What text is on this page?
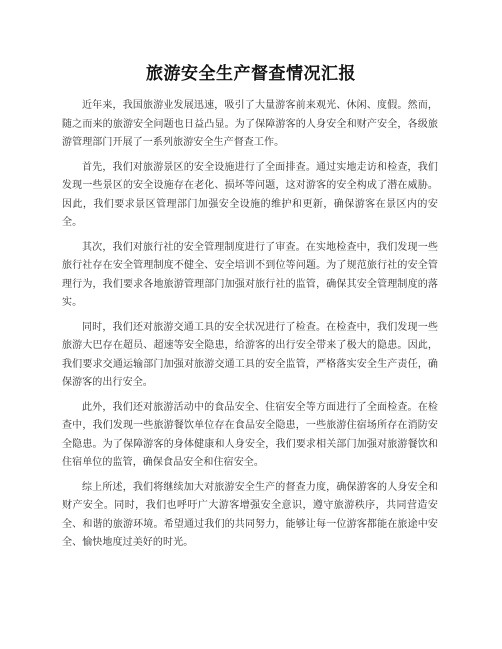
旅游安全生产督查情况汇报

近年来，我国旅游业发展迅速，吸引了大量游客前来观光、休闲、度假。然而，随之而来的旅游安全问题也日益凸显。为了保障游客的人身安全和财产安全，各级旅游管理部门开展了一系列旅游安全生产督查工作。

首先，我们对旅游景区的安全设施进行了全面排查。通过实地走访和检查，我们发现一些景区的安全设施存在老化、损坏等问题，这对游客的安全构成了潜在威胁。因此，我们要求景区管理部门加强安全设施的维护和更新，确保游客在景区内的安全。

其次，我们对旅行社的安全管理制度进行了审查。在实地检查中，我们发现一些旅行社存在安全管理制度不健全、安全培训不到位等问题。为了规范旅行社的安全管理行为，我们要求各地旅游管理部门加强对旅行社的监管，确保其安全管理制度的落实。

同时，我们还对旅游交通工具的安全状况进行了检查。在检查中，我们发现一些旅游大巴存在超员、超速等安全隐患，给游客的出行安全带来了极大的隐患。因此，我们要求交通运输部门加强对旅游交通工具的安全监管，严格落实安全生产责任，确保游客的出行安全。

此外，我们还对旅游活动中的食品安全、住宿安全等方面进行了全面检查。在检查中，我们发现一些旅游餐饮单位存在食品安全隐患，一些旅游住宿场所存在消防安全隐患。为了保障游客的身体健康和人身安全，我们要求相关部门加强对旅游餐饮和住宿单位的监管，确保食品安全和住宿安全。

综上所述，我们将继续加大对旅游安全生产的督查力度，确保游客的人身安全和财产安全。同时，我们也呼吁广大游客增强安全意识，遵守旅游秩序，共同营造安全、和谐的旅游环境。希望通过我们的共同努力，能够让每一位游客都能在旅途中安全、愉快地度过美好的时光。
